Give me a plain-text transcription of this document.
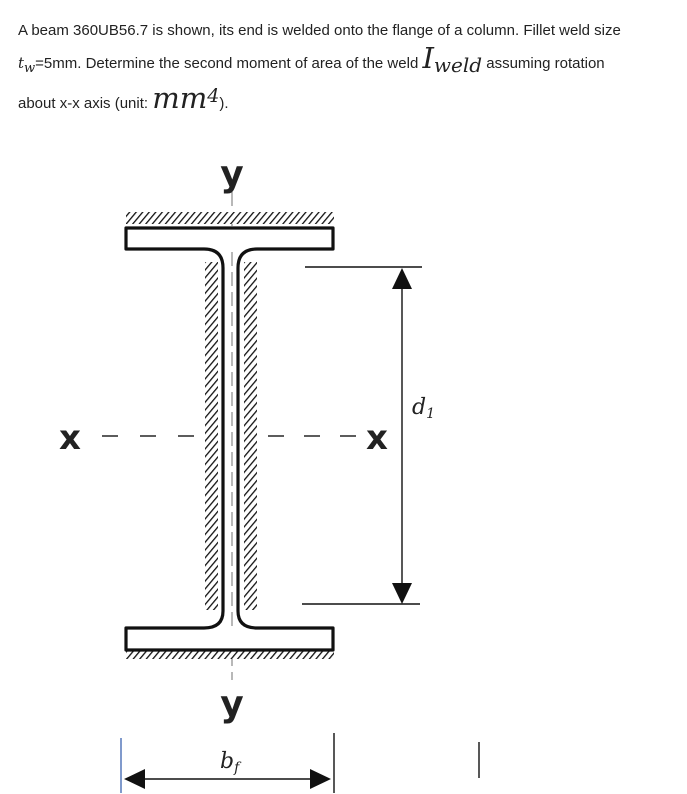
A beam 360UB56.7 is shown, its end is welded onto the flange of a column. Fillet weld size
$t_w=5mm$. Determine the second moment of area of the weld $I_{weld}$ assuming rotation
about x-x axis (unit: $mm^4$).
y
y
x	x
d1
bf
